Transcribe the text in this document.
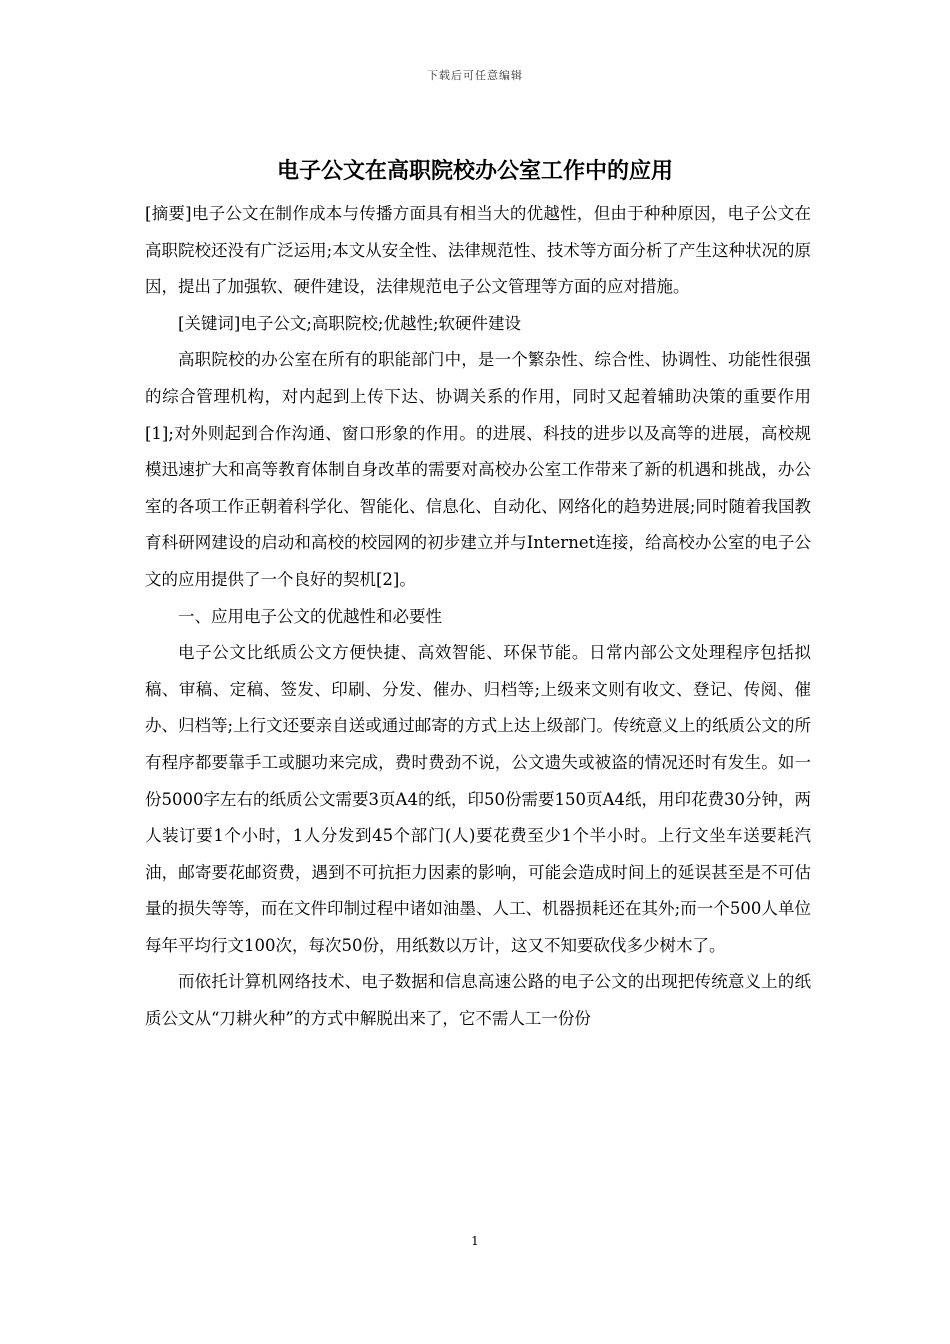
下载后可任意编辑
电子公文在高职院校办公室工作中的应用

[摘要]电子公文在制作成本与传播方面具有相当大的优越性，但由于种种原因，电子公文在高职院校还没有广泛运用;本文从安全性、法律规范性、技术等方面分析了产生这种状况的原因，提出了加强软、硬件建设，法律规范电子公文管理等方面的应对措施。

[关键词]电子公文;高职院校;优越性;软硬件建设

高职院校的办公室在所有的职能部门中，是一个繁杂性、综合性、协调性、功能性很强的综合管理机构，对内起到上传下达、协调关系的作用，同时又起着辅助决策的重要作用[1];对外则起到合作沟通、窗口形象的作用。的进展、科技的进步以及高等的进展，高校规模迅速扩大和高等教育体制自身改革的需要对高校办公室工作带来了新的机遇和挑战，办公室的各项工作正朝着科学化、智能化、信息化、自动化、网络化的趋势进展;同时随着我国教育科研网建设的启动和高校的校园网的初步建立并与Internet连接，给高校办公室的电子公文的应用提供了一个良好的契机[2]。

一、应用电子公文的优越性和必要性

电子公文比纸质公文方便快捷、高效智能、环保节能。日常内部公文处理程序包括拟稿、审稿、定稿、签发、印刷、分发、催办、归档等;上级来文则有收文、登记、传阅、催办、归档等;上行文还要亲自送或通过邮寄的方式上达上级部门。传统意义上的纸质公文的所有程序都要靠手工或腿功来完成，费时费劲不说，公文遗失或被盗的情况还时有发生。如一份5000字左右的纸质公文需要3页A4的纸，印50份需要150页A4纸，用印花费30分钟，两人装订要1个小时，1人分发到45个部门(人)要花费至少1个半小时。上行文坐车送要耗汽油，邮寄要花邮资费，遇到不可抗拒力因素的影响，可能会造成时间上的延误甚至是不可估量的损失等等，而在文件印制过程中诸如油墨、人工、机器损耗还在其外;而一个500人单位每年平均行文100次，每次50份，用纸数以万计，这又不知要砍伐多少树木了。

而依托计算机网络技术、电子数据和信息高速公路的电子公文的出现把传统意义上的纸质公文从“刀耕火种”的方式中解脱出来了，它不需人工一份份

1
